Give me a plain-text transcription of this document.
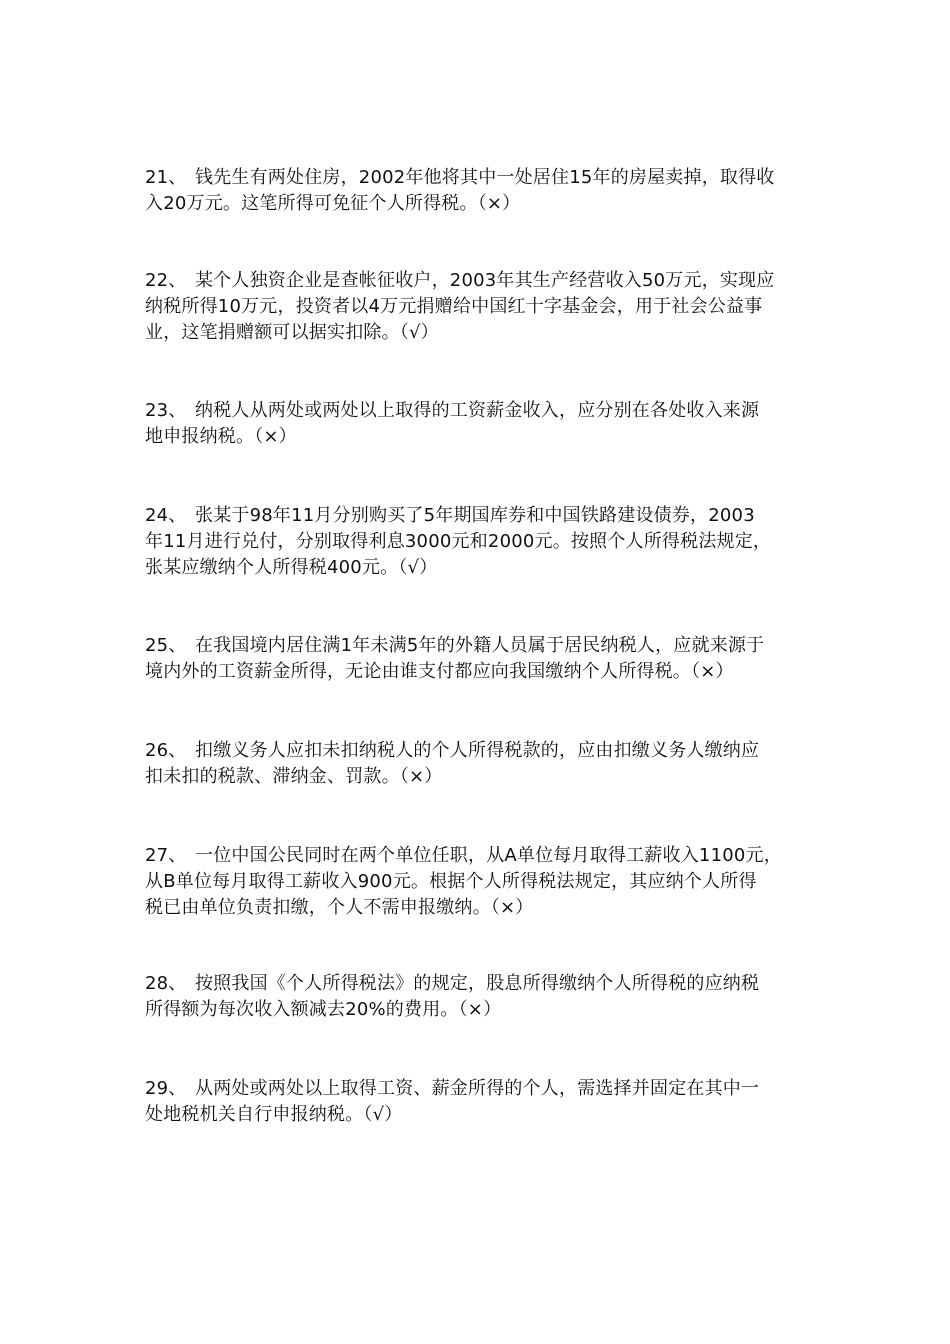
21、 钱先生有两处住房，2002年他将其中一处居住15年的房屋卖掉，取得收
入20万元。这笔所得可免征个人所得税。（×）
22、 某个人独资企业是查帐征收户，2003年其生产经营收入50万元，实现应
纳税所得10万元，投资者以4万元捐赠给中国红十字基金会，用于社会公益事
业，这笔捐赠额可以据实扣除。（√）
23、 纳税人从两处或两处以上取得的工资薪金收入，应分别在各处收入来源
地申报纳税。（×）
24、 张某于98年11月分别购买了5年期国库券和中国铁路建设债券，2003
年11月进行兑付，分别取得利息3000元和2000元。按照个人所得税法规定，
张某应缴纳个人所得税400元。（√）
25、 在我国境内居住满1年未满5年的外籍人员属于居民纳税人，应就来源于
境内外的工资薪金所得，无论由谁支付都应向我国缴纳个人所得税。（×）
26、 扣缴义务人应扣未扣纳税人的个人所得税款的，应由扣缴义务人缴纳应
扣未扣的税款、滞纳金、罚款。（×）
27、 一位中国公民同时在两个单位任职，从A单位每月取得工薪收入1100元，
从B单位每月取得工薪收入900元。根据个人所得税法规定，其应纳个人所得
税已由单位负责扣缴，个人不需申报缴纳。（×）
28、 按照我国《个人所得税法》的规定，股息所得缴纳个人所得税的应纳税
所得额为每次收入额减去20%的费用。（×）
29、 从两处或两处以上取得工资、薪金所得的个人，需选择并固定在其中一
处地税机关自行申报纳税。（√）
